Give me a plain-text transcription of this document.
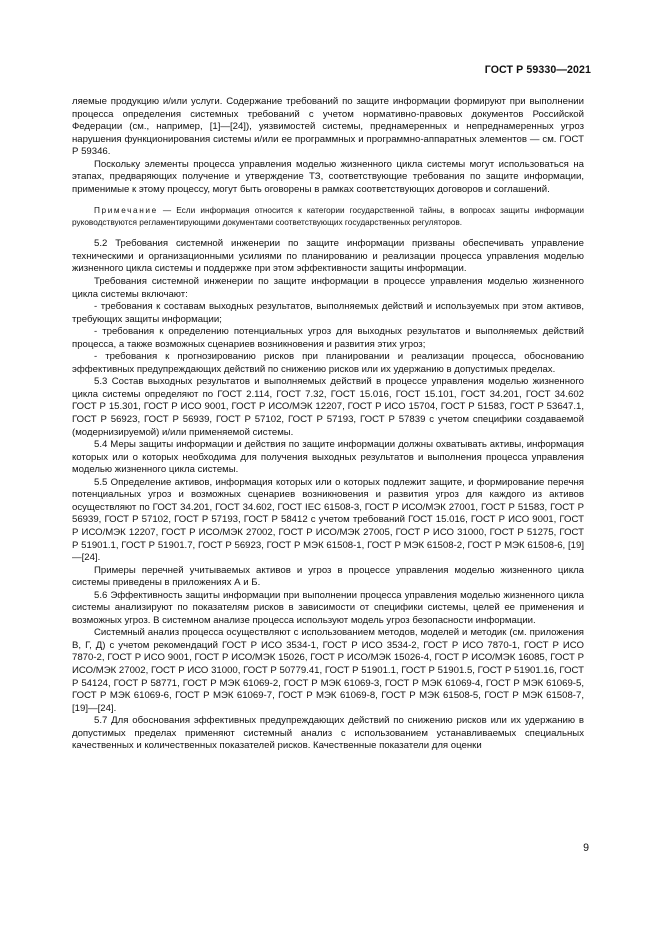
ГОСТ Р 59330—2021

ляемые продукцию и/или услуги. Содержание требований по защите информации формируют при выполнении процесса определения системных требований с учетом нормативно-правовых документов Российской Федерации (см., например, [1]—[24]), уязвимостей системы, преднамеренных и непреднамеренных угроз нарушения функционирования системы и/или ее программных и программно-аппаратных элементов — см. ГОСТ Р 59346.

Поскольку элементы процесса управления моделью жизненного цикла системы могут использоваться на этапах, предваряющих получение и утверждение ТЗ, соответствующие требования по защите информации, применимые к этому процессу, могут быть оговорены в рамках соответствующих договоров и соглашений.

Примечание — Если информация относится к категории государственной тайны, в вопросах защиты информации руководствуются регламентирующими документами соответствующих государственных регуляторов.

5.2 Требования системной инженерии по защите информации призваны обеспечивать управление техническими и организационными усилиями по планированию и реализации процесса управления моделью жизненного цикла системы и поддержке при этом эффективности защиты информации.

Требования системной инженерии по защите информации в процессе управления моделью жизненного цикла системы включают:

- требования к составам выходных результатов, выполняемых действий и используемых при этом активов, требующих защиты информации;

- требования к определению потенциальных угроз для выходных результатов и выполняемых действий процесса, а также возможных сценариев возникновения и развития этих угроз;

- требования к прогнозированию рисков при планировании и реализации процесса, обоснованию эффективных предупреждающих действий по снижению рисков или их удержанию в допустимых пределах.

5.3 Состав выходных результатов и выполняемых действий в процессе управления моделью жизненного цикла системы определяют по ГОСТ 2.114, ГОСТ 7.32, ГОСТ 15.016, ГОСТ 15.101, ГОСТ 34.201, ГОСТ 34.602 ГОСТ Р 15.301, ГОСТ Р ИСО 9001, ГОСТ Р ИСО/МЭК 12207, ГОСТ Р ИСО 15704, ГОСТ Р 51583, ГОСТ Р 53647.1, ГОСТ Р 56923, ГОСТ Р 56939, ГОСТ Р 57102, ГОСТ Р 57193, ГОСТ Р 57839 с учетом специфики создаваемой (модернизируемой) и/или применяемой системы.

5.4 Меры защиты информации и действия по защите информации должны охватывать активы, информация которых или о которых необходима для получения выходных результатов и выполнения процесса управления моделью жизненного цикла системы.

5.5 Определение активов, информация которых или о которых подлежит защите, и формирование перечня потенциальных угроз и возможных сценариев возникновения и развития угроз для каждого из активов осуществляют по ГОСТ 34.201, ГОСТ 34.602, ГОСТ IEC 61508-3, ГОСТ Р ИСО/МЭК 27001, ГОСТ Р 51583, ГОСТ Р 56939, ГОСТ Р 57102, ГОСТ Р 57193, ГОСТ Р 58412 с учетом требований ГОСТ 15.016, ГОСТ Р ИСО 9001, ГОСТ Р ИСО/МЭК 12207, ГОСТ Р ИСО/МЭК 27002, ГОСТ Р ИСО/МЭК 27005, ГОСТ Р ИСО 31000, ГОСТ Р 51275, ГОСТ Р 51901.1, ГОСТ Р 51901.7, ГОСТ Р 56923, ГОСТ Р МЭК 61508-1, ГОСТ Р МЭК 61508-2, ГОСТ Р МЭК 61508-6, [19]—[24].

Примеры перечней учитываемых активов и угроз в процессе управления моделью жизненного цикла системы приведены в приложениях А и Б.

5.6 Эффективность защиты информации при выполнении процесса управления моделью жизненного цикла системы анализируют по показателям рисков в зависимости от специфики системы, целей ее применения и возможных угроз. В системном анализе процесса используют модель угроз безопасности информации.

Системный анализ процесса осуществляют с использованием методов, моделей и методик (см. приложения В, Г, Д) с учетом рекомендаций ГОСТ Р ИСО 3534-1, ГОСТ Р ИСО 3534-2, ГОСТ Р ИСО 7870-1, ГОСТ Р ИСО 7870-2, ГОСТ Р ИСО 9001, ГОСТ Р ИСО/МЭК 15026, ГОСТ Р ИСО/МЭК 15026-4, ГОСТ Р ИСО/МЭК 16085, ГОСТ Р ИСО/МЭК 27002, ГОСТ Р ИСО 31000, ГОСТ Р 50779.41, ГОСТ Р 51901.1, ГОСТ Р 51901.5, ГОСТ Р 51901.16, ГОСТ Р 54124, ГОСТ Р 58771, ГОСТ Р МЭК 61069-2, ГОСТ Р МЭК 61069-3, ГОСТ Р МЭК 61069-4, ГОСТ Р МЭК 61069-5, ГОСТ Р МЭК 61069-6, ГОСТ Р МЭК 61069-7, ГОСТ Р МЭК 61069-8, ГОСТ Р МЭК 61508-5, ГОСТ Р МЭК 61508-7, [19]—[24].

5.7 Для обоснования эффективных предупреждающих действий по снижению рисков или их удержанию в допустимых пределах применяют системный анализ с использованием устанавливаемых специальных качественных и количественных показателей рисков. Качественные показатели для оценки

9
